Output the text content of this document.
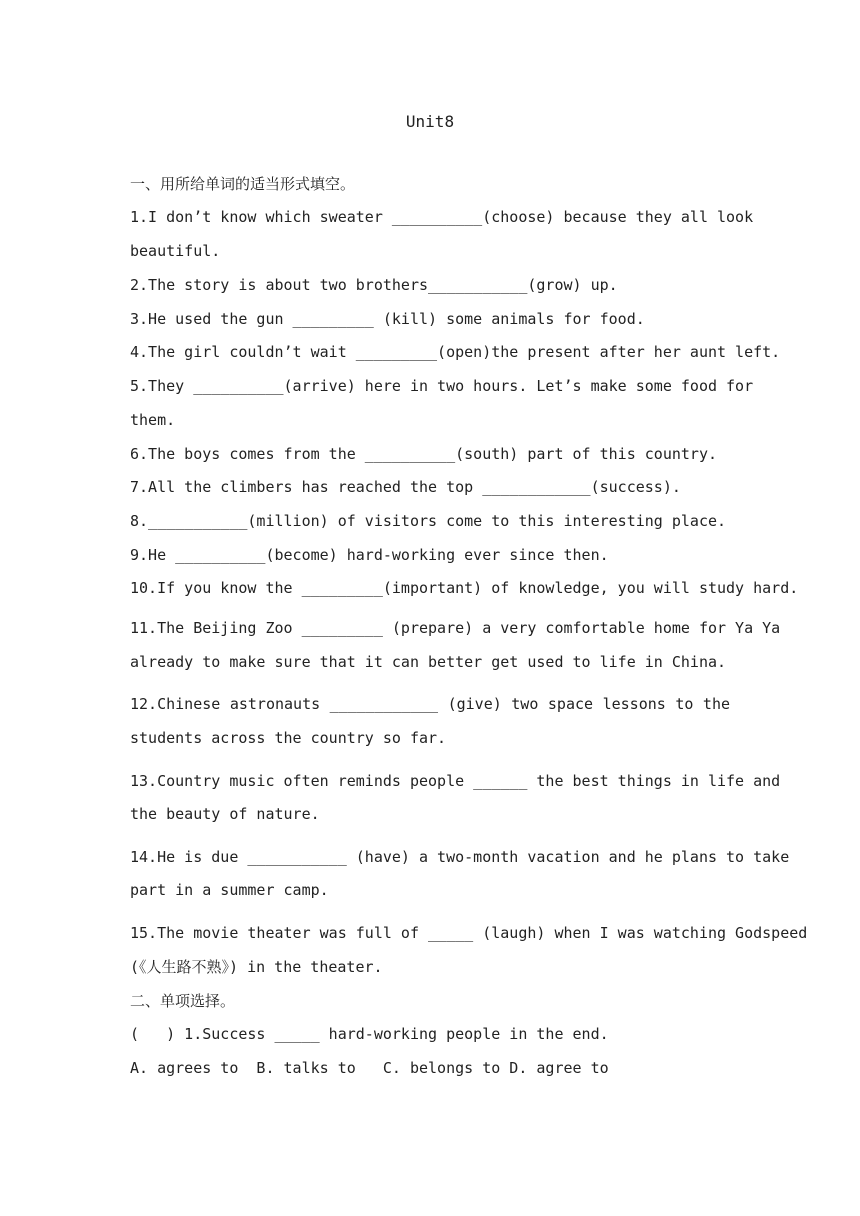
Unit8
一、用所给单词的适当形式填空。
1.I don’t know which sweater __________(choose) because they all look
beautiful.
2.The story is about two brothers___________(grow) up.
3.He used the gun _________ (kill) some animals for food.
4.The girl couldn’t wait _________(open)the present after her aunt left.
5.They __________(arrive) here in two hours. Let’s make some food for
them.
6.The boys comes from the __________(south) part of this country.
7.All the climbers has reached the top ____________(success).
8.___________(million) of visitors come to this interesting place.
9.He __________(become) hard-working ever since then.
10.If you know the _________(important) of knowledge, you will study hard.
11.The Beijing Zoo _________ (prepare) a very comfortable home for Ya Ya
already to make sure that it can better get used to life in China.
12.Chinese astronauts ____________ (give) two space lessons to the
students across the country so far.
13.Country music often reminds people ______ the best things in life and
the beauty of nature.
14.He is due ___________ (have) a two-month vacation and he plans to take
part in a summer camp.
15.The movie theater was full of _____ (laugh) when I was watching Godspeed
(《人生路不熟》) in the theater.
二、单项选择。
(   ) 1.Success _____ hard-working people in the end.
A. agrees to  B. talks to   C. belongs to D. agree to
